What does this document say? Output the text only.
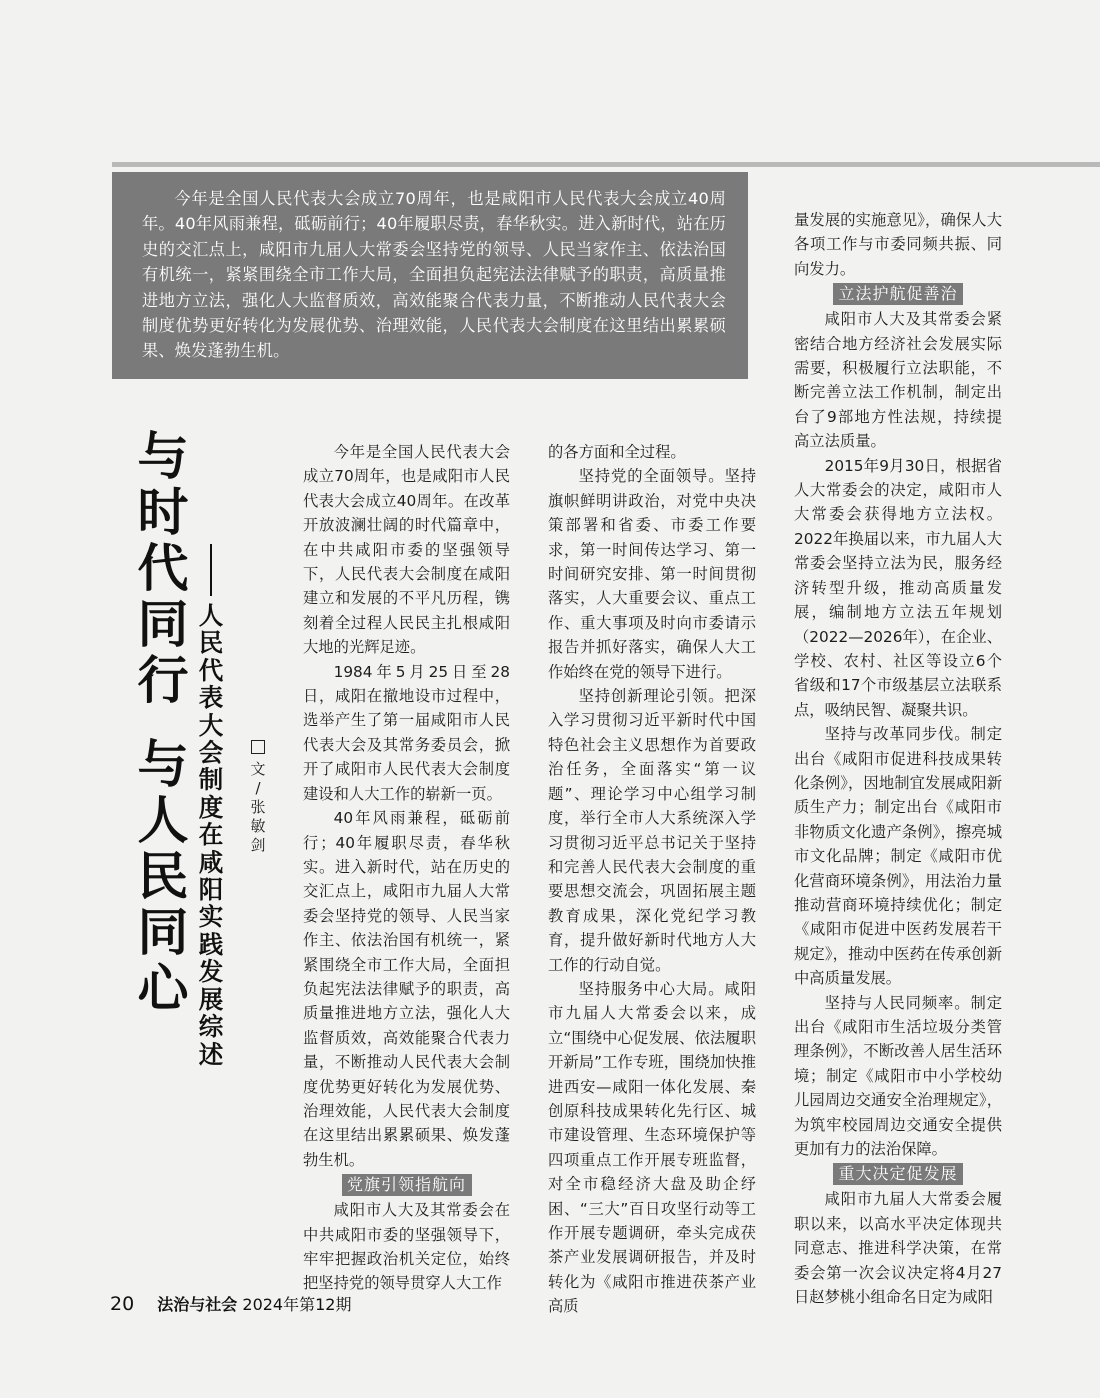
今年是全国人民代表大会成立70周年，也是咸阳市人民代表大会成立40周年。40年风雨兼程，砥砺前行；40年履职尽责，春华秋实。进入新时代，站在历史的交汇点上，咸阳市九届人大常委会坚持党的领导、人民当家作主、依法治国有机统一，紧紧围绕全市工作大局，全面担负起宪法法律赋予的职责，高质量推进地方立法，强化人大监督质效，高效能聚合代表力量，不断推动人民代表大会制度优势更好转化为发展优势、治理效能，人民代表大会制度在这里结出累累硕果、焕发蓬勃生机。

与
时
代
同
行
与
人
民
同
心
人
民
代
表
大
会
制
度
在
咸
阳
实
践
发
展
综
述
文
/
张
敏
剑

今年是全国人民代表大会成立70周年，也是咸阳市人民代表大会成立40周年。在改革开放波澜壮阔的时代篇章中，在中共咸阳市委的坚强领导下，人民代表大会制度在咸阳建立和发展的不平凡历程，镌刻着全过程人民民主扎根咸阳大地的光辉足迹。

1984年5月25日至28日，咸阳在撤地设市过程中，选举产生了第一届咸阳市人民代表大会及其常务委员会，掀开了咸阳市人民代表大会制度建设和人大工作的崭新一页。

40年风雨兼程，砥砺前行；40年履职尽责，春华秋实。进入新时代，站在历史的交汇点上，咸阳市九届人大常委会坚持党的领导、人民当家作主、依法治国有机统一，紧紧围绕全市工作大局，全面担负起宪法法律赋予的职责，高质量推进地方立法，强化人大监督质效，高效能聚合代表力量，不断推动人民代表大会制度优势更好转化为发展优势、治理效能，人民代表大会制度在这里结出累累硕果、焕发蓬勃生机。

党旗引领指航向

咸阳市人大及其常委会在中共咸阳市委的坚强领导下，牢牢把握政治机关定位，始终把坚持党的领导贯穿人大工作

的各方面和全过程。

坚持党的全面领导。坚持旗帜鲜明讲政治，对党中央决策部署和省委、市委工作要求，第一时间传达学习、第一时间研究安排、第一时间贯彻落实，人大重要会议、重点工作、重大事项及时向市委请示报告并抓好落实，确保人大工作始终在党的领导下进行。

坚持创新理论引领。把深入学习贯彻习近平新时代中国特色社会主义思想作为首要政治任务，全面落实“第一议题”、理论学习中心组学习制度，举行全市人大系统深入学习贯彻习近平总书记关于坚持和完善人民代表大会制度的重要思想交流会，巩固拓展主题教育成果，深化党纪学习教育，提升做好新时代地方人大工作的行动自觉。

坚持服务中心大局。咸阳市九届人大常委会以来，成立“围绕中心促发展、依法履职开新局”工作专班，围绕加快推进西安—咸阳一体化发展、秦创原科技成果转化先行区、城市建设管理、生态环境保护等四项重点工作开展专班监督，对全市稳经济大盘及助企纾困、“三大”百日攻坚行动等工作开展专题调研，牵头完成茯茶产业发展调研报告，并及时转化为《咸阳市推进茯茶产业高质

量发展的实施意见》，确保人大各项工作与市委同频共振、同向发力。

立法护航促善治

咸阳市人大及其常委会紧密结合地方经济社会发展实际需要，积极履行立法职能，不断完善立法工作机制，制定出台了9部地方性法规，持续提高立法质量。

2015年9月30日，根据省人大常委会的决定，咸阳市人大常委会获得地方立法权。2022年换届以来，市九届人大常委会坚持立法为民，服务经济转型升级，推动高质量发展，编制地方立法五年规划（2022—2026年），在企业、学校、农村、社区等设立6个省级和17个市级基层立法联系点，吸纳民智、凝聚共识。

坚持与改革同步伐。制定出台《咸阳市促进科技成果转化条例》，因地制宜发展咸阳新质生产力；制定出台《咸阳市非物质文化遗产条例》，擦亮城市文化品牌；制定《咸阳市优化营商环境条例》，用法治力量推动营商环境持续优化；制定《咸阳市促进中医药发展若干规定》，推动中医药在传承创新中高质量发展。

坚持与人民同频率。制定出台《咸阳市生活垃圾分类管理条例》，不断改善人居生活环境；制定《咸阳市中小学校幼儿园周边交通安全治理规定》，为筑牢校园周边交通安全提供更加有力的法治保障。

重大决定促发展

咸阳市九届人大常委会履职以来，以高水平决定体现共同意志、推进科学决策，在常委会第一次会议决定将4月27日赵梦桃小组命名日定为咸阳

20 法治与社会 2024年第12期
